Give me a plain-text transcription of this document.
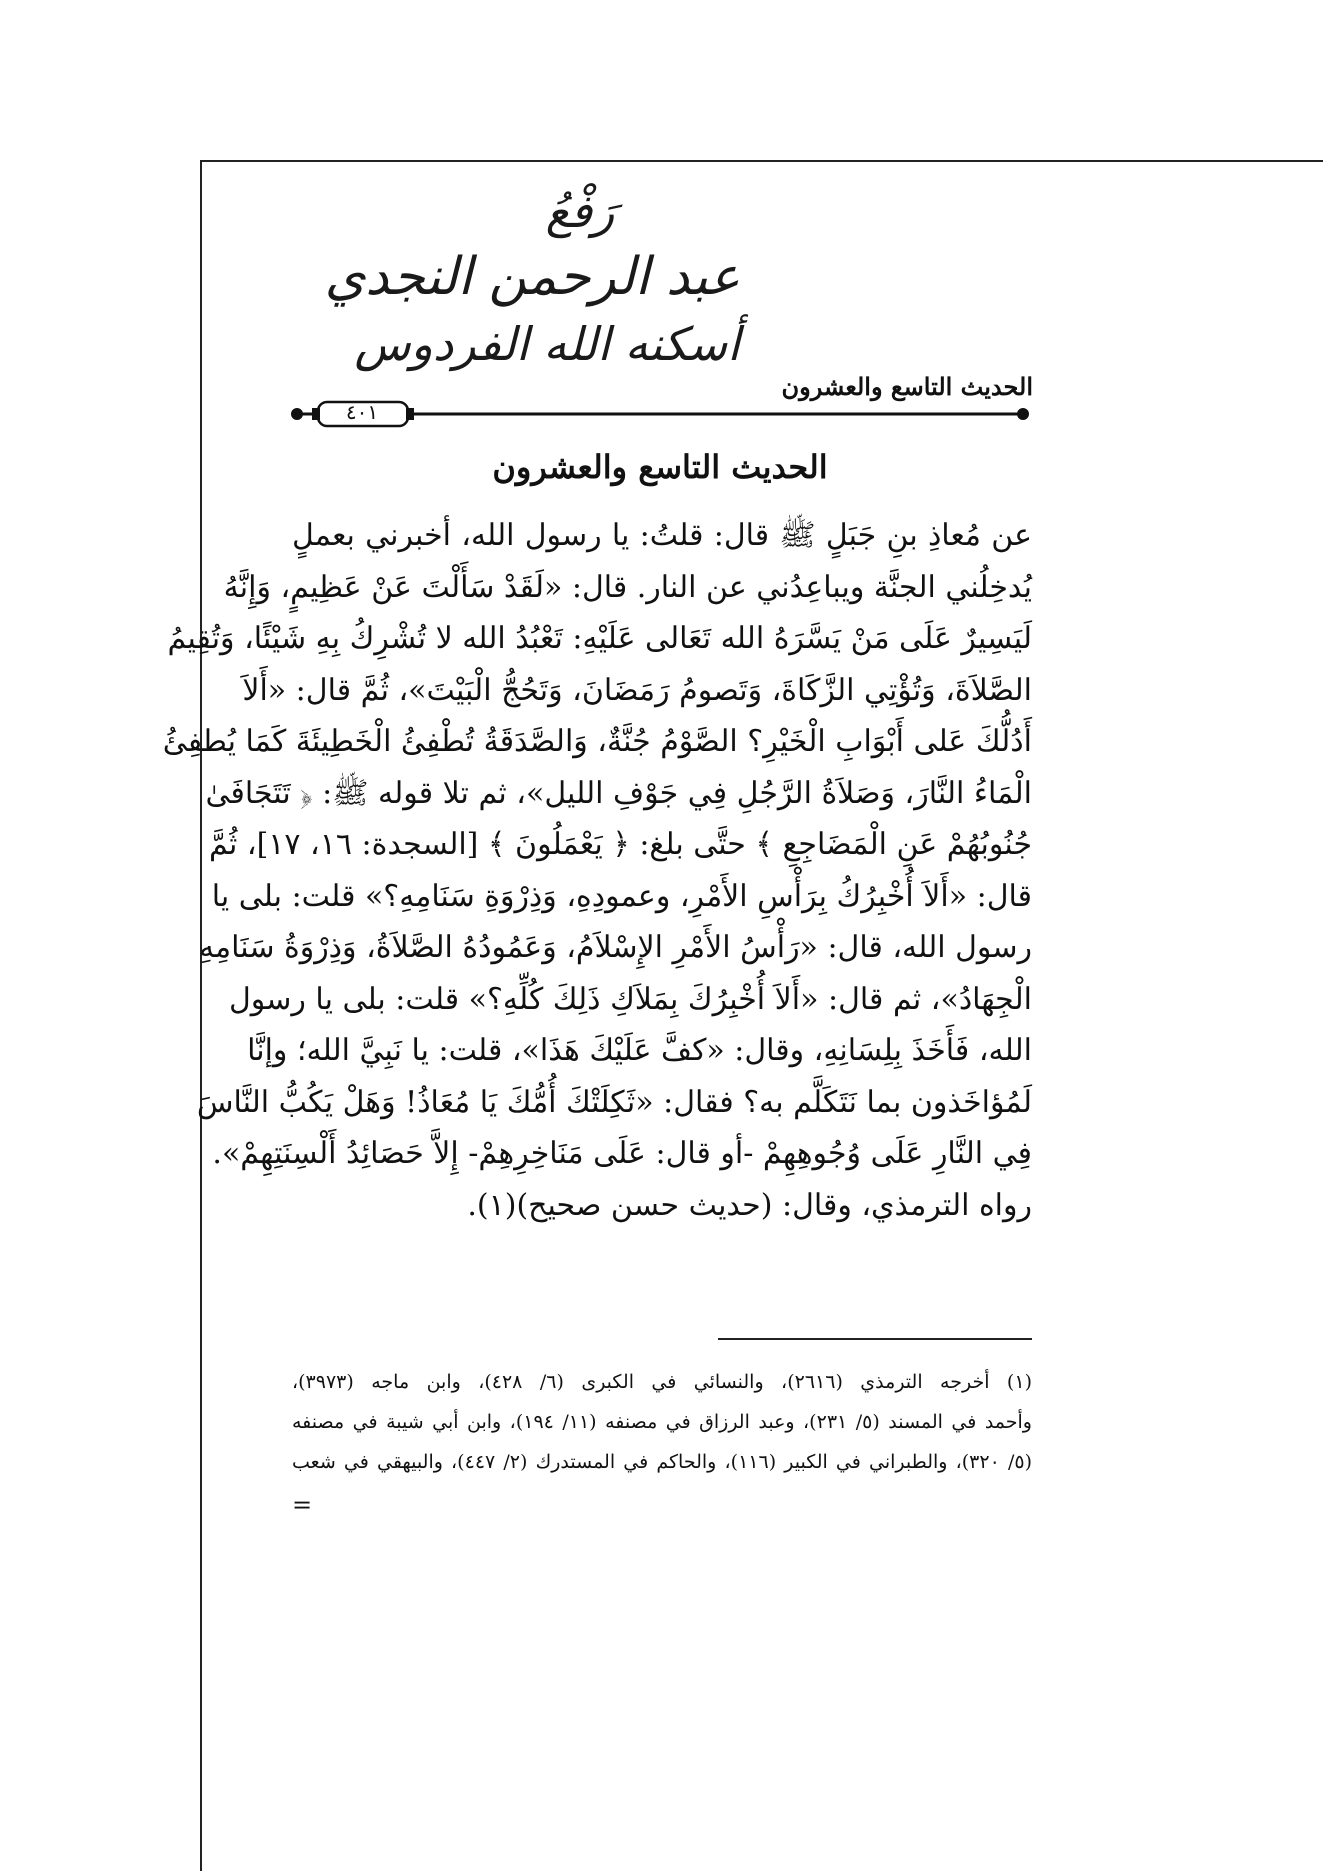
رَفْعُ
عبد الرحمن النجدي
أسكنه الله الفردوس
الحديث التاسع والعشرون
٤٠١
الحديث التاسع والعشرون
عن مُعاذِ بنِ جَبَلٍ ﷺ قال: قلتُ: يا رسول الله، أخبرني بعملٍ
يُدخِلُني الجنَّة ويباعِدُني عن النار. قال: «لَقَدْ سَأَلْتَ عَنْ عَظِيمٍ، وَإِنَّهُ
لَيَسِيرٌ عَلَى مَنْ يَسَّرَهُ الله تَعَالى عَلَيْهِ: تَعْبُدُ الله لا تُشْرِكُ بِهِ شَيْئًا، وَتُقِيمُ
الصَّلاَةَ، وَتُؤْتِي الزَّكَاةَ، وَتَصومُ رَمَضَانَ، وَتَحُجُّ الْبَيْتَ»، ثُمَّ قال: «أَلاَ
أَدُلُّكَ عَلى أَبْوَابِ الْخَيْرِ؟ الصَّوْمُ جُنَّةٌ، وَالصَّدَقَةُ تُطْفِئُ الْخَطِيئَةَ كَمَا يُطفِئُ
الْمَاءُ النَّارَ، وَصَلاَةُ الرَّجُلِ فِي جَوْفِ الليل»، ثم تلا قوله ﷺ: ﴿ تَتَجَافَىٰ
جُنُوبُهُمْ عَنِ الْمَضَاجِعِ ﴾ حتَّى بلغ: ﴿ يَعْمَلُونَ ﴾ [السجدة: ١٦، ١٧]، ثُمَّ
قال: «أَلاَ أُخْبِرُكُ بِرَأْسِ الأَمْرِ، وعمودِهِ، وَذِرْوَةِ سَنَامِهِ؟» قلت: بلى يا
رسول الله، قال: «رَأْسُ الأَمْرِ الإِسْلاَمُ، وَعَمُودُهُ الصَّلاَةُ، وَذِرْوَةُ سَنَامِهِ
الْجِهَادُ»، ثم قال: «أَلاَ أُخْبِرُكَ بِمَلاَكِ ذَلِكَ كُلِّهِ؟» قلت: بلى يا رسول
الله، فَأَخَذَ بِلِسَانِهِ، وقال: «كفَّ عَلَيْكَ هَذَا»، قلت: يا نَبِيَّ الله؛ وإنَّا
لَمُؤاخَذون بما نَتَكَلَّم به؟ فقال: «ثَكِلَتْكَ أُمُّكَ يَا مُعَاذُ! وَهَلْ يَكُبُّ النَّاسَ
فِي النَّارِ عَلَى وُجُوهِهِمْ -أو قال: عَلَى مَنَاخِرِهِمْ- إِلاَّ حَصَائِدُ أَلْسِنَتِهِمْ».
رواه الترمذي، وقال: (حديث حسن صحيح)(١).
(١) أخرجه الترمذي (٢٦١٦)، والنسائي في الكبرى (٦/ ٤٢٨)، وابن ماجه (٣٩٧٣)،
وأحمد في المسند (٥/ ٢٣١)، وعبد الرزاق في مصنفه (١١/ ١٩٤)، وابن أبي شيبة في مصنفه
(٥/ ٣٢٠)، والطبراني في الكبير (١١٦)، والحاكم في المستدرك (٢/ ٤٤٧)، والبيهقي في شعب
=
